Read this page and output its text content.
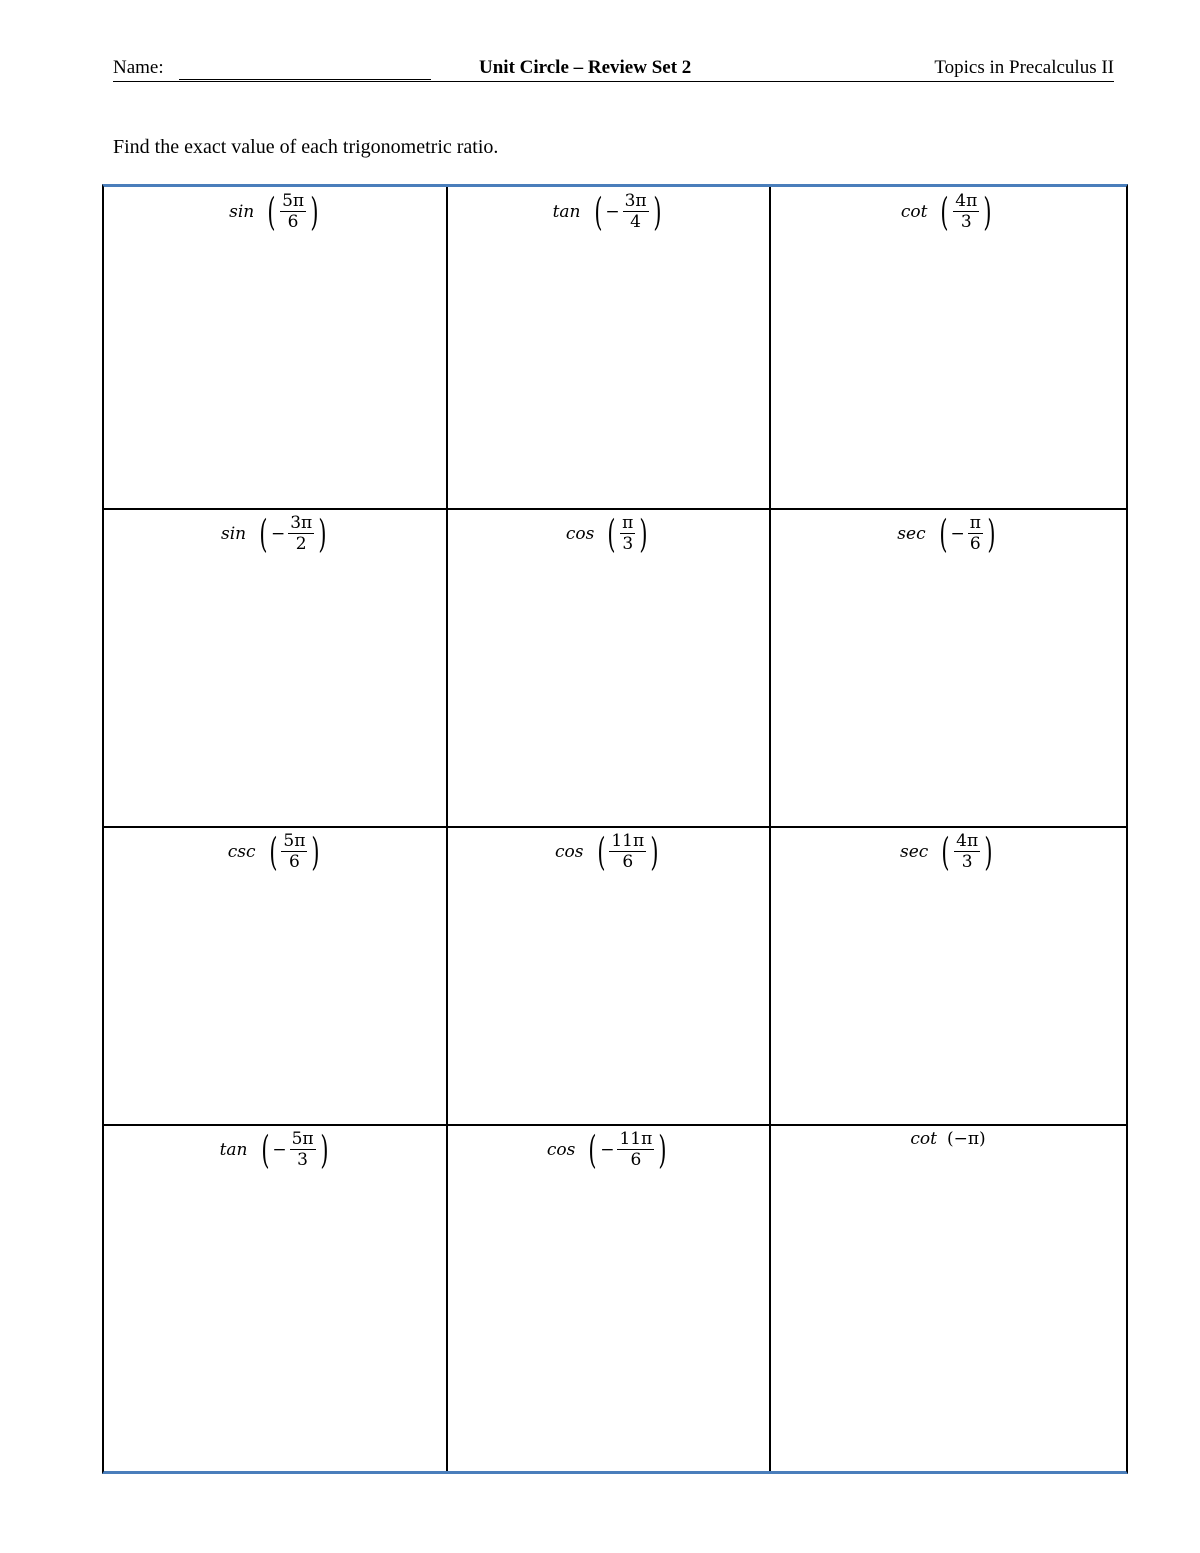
Name:	Unit Circle – Review Set 2	Topics in Precalculus II
Find the exact value of each trigonometric ratio.
sin ( $\frac{5\pi}{6}$ )	tan ( − $\frac{3\pi}{4}$ )	cot ( $\frac{4\pi}{3}$ )
sin ( − $\frac{3\pi}{2}$ )	cos ( $\frac{\pi}{3}$ )	sec ( − $\frac{\pi}{6}$ )
csc ( $\frac{5\pi}{6}$ )	cos ( $\frac{11\pi}{6}$ )	sec ( $\frac{4\pi}{3}$ )
tan ( − $\frac{5\pi}{3}$ )	cos ( − $\frac{11\pi}{6}$ )	cot (−π)
